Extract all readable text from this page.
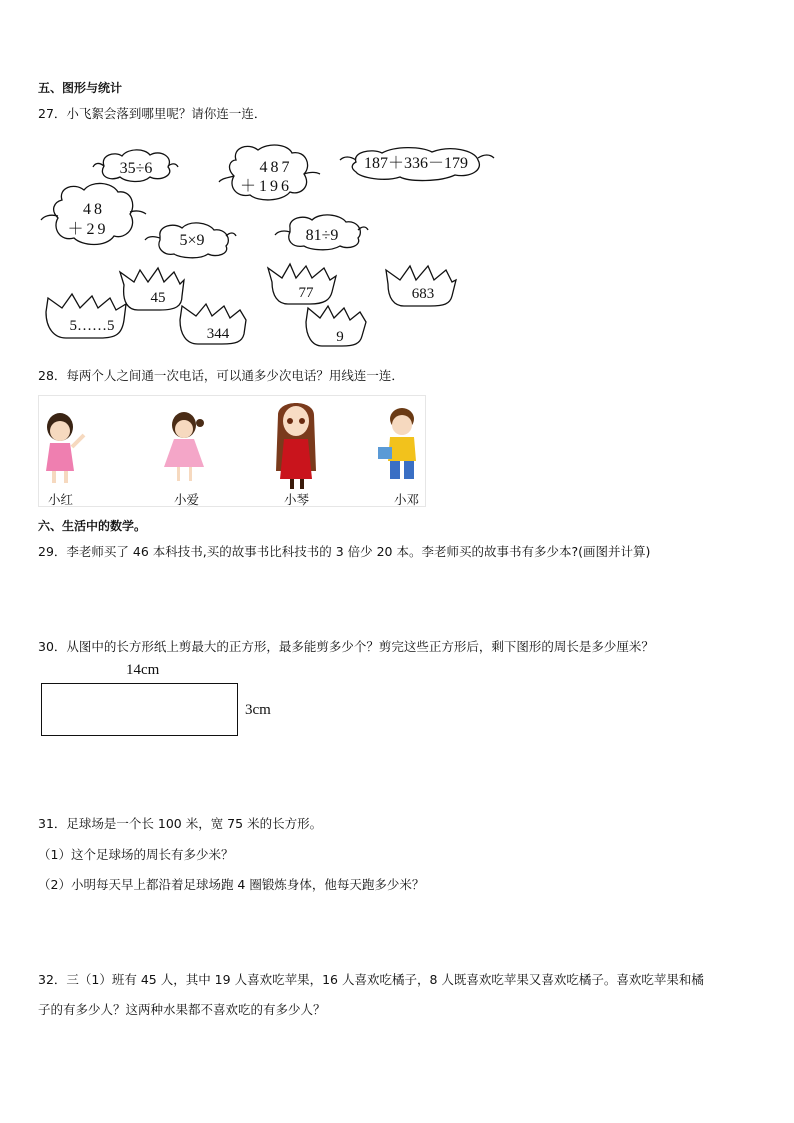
五、图形与统计
27．小飞絮会落到哪里呢？请你连一连．
35÷6	487
＋196
187＋336－179
48
＋29
5×9	81÷9
45	77	683
5……5	344	9
28．每两个人之间通一次电话，可以通多少次电话？用线连一连．
小红	小爱	小琴	小邓
六、生活中的数学。
29．李老师买了 46 本科技书,买的故事书比科技书的 3 倍少 20 本。李老师买的故事书有多少本?(画图并计算)
30．从图中的长方形纸上剪最大的正方形，最多能剪多少个？剪完这些正方形后，剩下图形的周长是多少厘米？
14cm
3cm
31．足球场是一个长 100 米，宽 75 米的长方形。
（1）这个足球场的周长有多少米？
（2）小明每天早上都沿着足球场跑 4 圈锻炼身体，他每天跑多少米？
32．三（1）班有 45 人，其中 19 人喜欢吃苹果，16 人喜欢吃橘子，8 人既喜欢吃苹果又喜欢吃橘子。喜欢吃苹果和橘
子的有多少人？这两种水果都不喜欢吃的有多少人？
